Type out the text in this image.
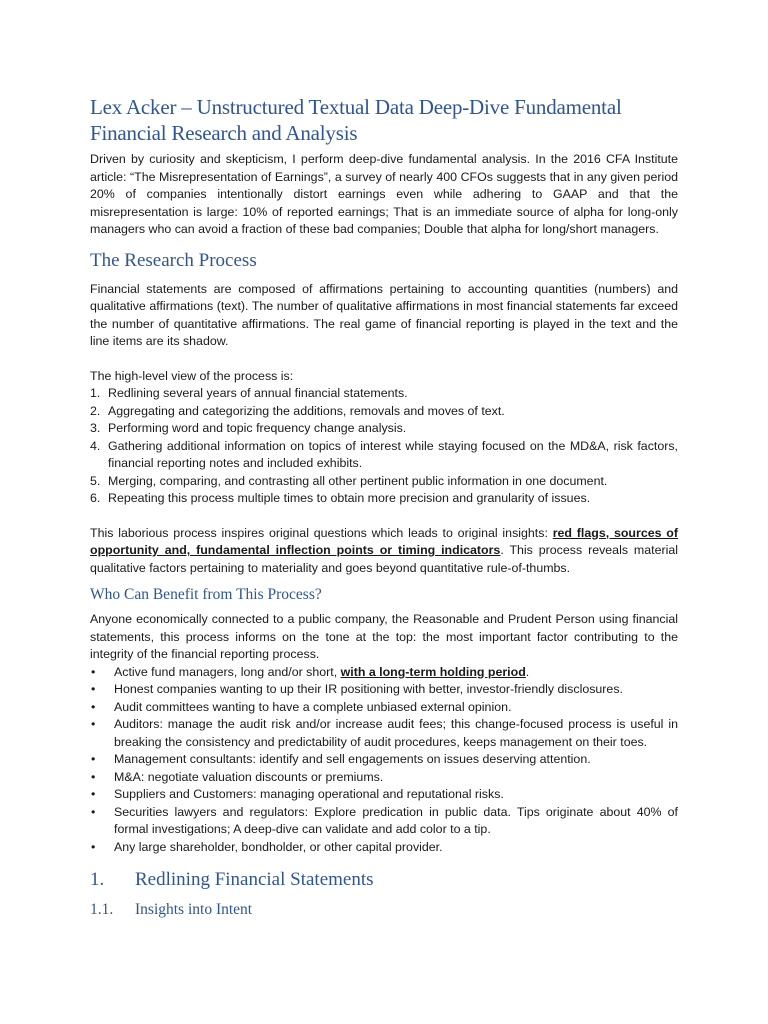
Lex Acker – Unstructured Textual Data Deep-Dive Fundamental Financial Research and Analysis

Driven by curiosity and skepticism, I perform deep-dive fundamental analysis. In the 2016 CFA Institute article: “The Misrepresentation of Earnings”, a survey of nearly 400 CFOs suggests that in any given period 20% of companies intentionally distort earnings even while adhering to GAAP and that the misrepresentation is large: 10% of reported earnings; That is an immediate source of alpha for long-only managers who can avoid a fraction of these bad companies; Double that alpha for long/short managers.

The Research Process

Financial statements are composed of affirmations pertaining to accounting quantities (numbers) and qualitative affirmations (text). The number of qualitative affirmations in most financial statements far exceed the number of quantitative affirmations. The real game of financial reporting is played in the text and the line items are its shadow.

The high-level view of the process is:

1. Redlining several years of annual financial statements.
2. Aggregating and categorizing the additions, removals and moves of text.
3. Performing word and topic frequency change analysis.
4. Gathering additional information on topics of interest while staying focused on the MD&A, risk factors, financial reporting notes and included exhibits.
5. Merging, comparing, and contrasting all other pertinent public information in one document.
6. Repeating this process multiple times to obtain more precision and granularity of issues.

This laborious process inspires original questions which leads to original insights: red flags, sources of opportunity and, fundamental inflection points or timing indicators. This process reveals material qualitative factors pertaining to materiality and goes beyond quantitative rule-of-thumbs.

Who Can Benefit from This Process?

Anyone economically connected to a public company, the Reasonable and Prudent Person using financial statements, this process informs on the tone at the top: the most important factor contributing to the integrity of the financial reporting process.

• Active fund managers, long and/or short, with a long-term holding period.
• Honest companies wanting to up their IR positioning with better, investor-friendly disclosures.
• Audit committees wanting to have a complete unbiased external opinion.
• Auditors: manage the audit risk and/or increase audit fees; this change-focused process is useful in breaking the consistency and predictability of audit procedures, keeps management on their toes.
• Management consultants: identify and sell engagements on issues deserving attention.
• M&A: negotiate valuation discounts or premiums.
• Suppliers and Customers: managing operational and reputational risks.
• Securities lawyers and regulators: Explore predication in public data. Tips originate about 40% of formal investigations; A deep-dive can validate and add color to a tip.
• Any large shareholder, bondholder, or other capital provider.
1.	Redlining Financial Statements
1.1.	Insights into Intent
